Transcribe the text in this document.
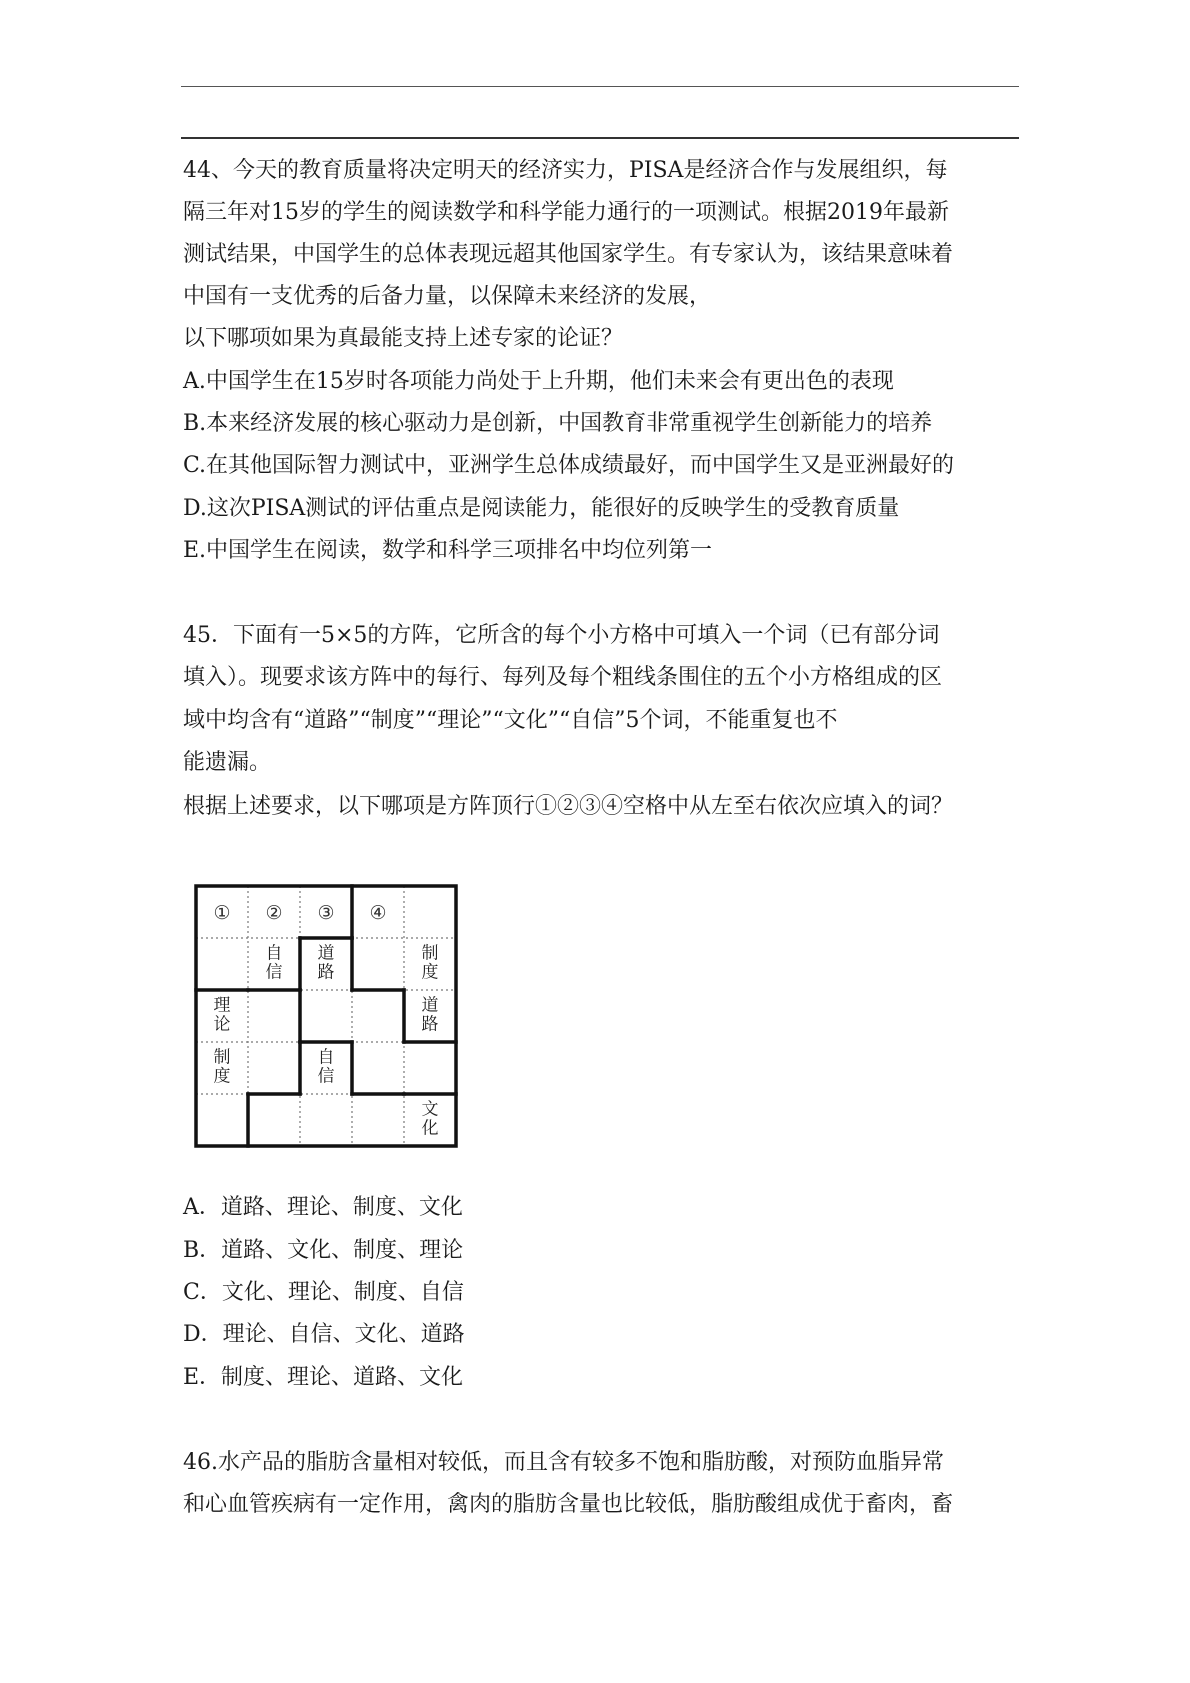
44、今天的教育质量将决定明天的经济实力，PISA是经济合作与发展组织，每
隔三年对15岁的学生的阅读数学和科学能力通行的一项测试。根据2019年最新
测试结果，中国学生的总体表现远超其他国家学生。有专家认为，该结果意味着
中国有一支优秀的后备力量，以保障未来经济的发展，
以下哪项如果为真最能支持上述专家的论证？
A.中国学生在15岁时各项能力尚处于上升期，他们未来会有更出色的表现
B.本来经济发展的核心驱动力是创新，中国教育非常重视学生创新能力的培养
C.在其他国际智力测试中，亚洲学生总体成绩最好，而中国学生又是亚洲最好的
D.这次PISA测试的评估重点是阅读能力，能很好的反映学生的受教育质量
E.中国学生在阅读，数学和科学三项排名中均位列第一
45．下面有一5×5的方阵，它所含的每个小方格中可填入一个词（已有部分词
填入）。现要求该方阵中的每行、每列及每个粗线条围住的五个小方格组成的区
域中均含有“道路”“制度”“理论”“文化”“自信”5个词，不能重复也不
能遗漏。
根据上述要求，以下哪项是方阵顶行①②③④空格中从左至右依次应填入的词？
① ② ③ ④
自信
道路
制度
理论
道路
制度
自信
文化
A．道路、理论、制度、文化
B．道路、文化、制度、理论
C．文化、理论、制度、自信
D．理论、自信、文化、道路
E．制度、理论、道路、文化
46.水产品的脂肪含量相对较低，而且含有较多不饱和脂肪酸，对预防血脂异常
和心血管疾病有一定作用，禽肉的脂肪含量也比较低，脂肪酸组成优于畜肉，畜
